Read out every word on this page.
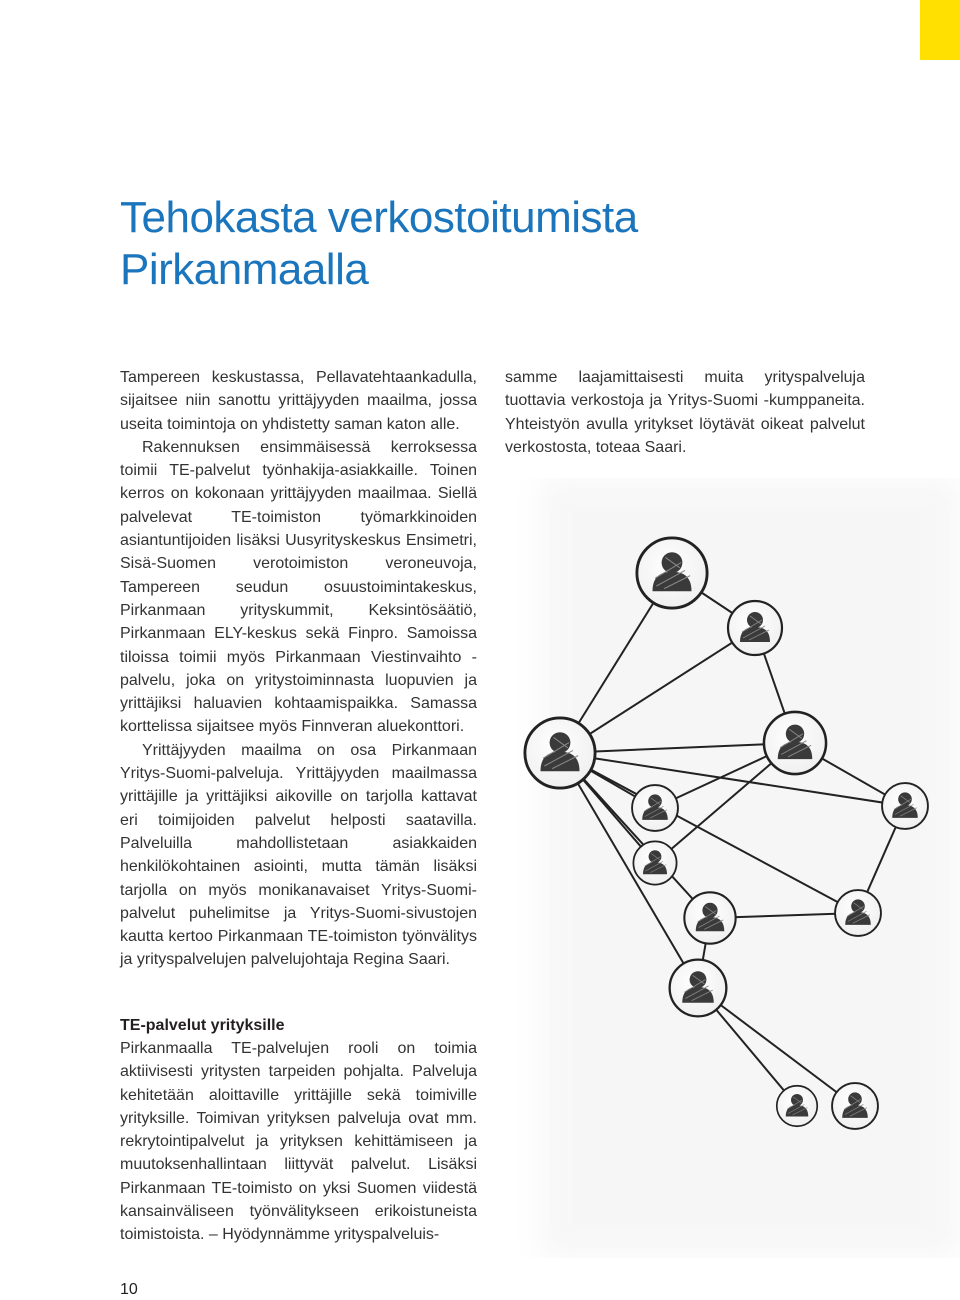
Tehokasta verkostoitumista
Pirkanmaalla

Tampereen keskustassa, Pellavatehtaankadulla, sijaitsee niin sanottu yrittäjyyden maailma, jossa useita toimintoja on yhdistetty saman katon alle.

Rakennuksen ensimmäisessä kerroksessa toimii TE-palvelut työnhakija-asiakkaille. Toinen kerros on kokonaan yrittäjyyden maailmaa. Siellä palvelevat TE-toimiston työmarkkinoiden asiantuntijoiden lisäksi Uusyrityskeskus Ensimetri, Sisä-Suomen verotoimiston veroneuvoja, Tampereen seudun osuustoimintakeskus, Pirkanmaan yrityskummit, Keksintösäätiö, Pirkanmaan ELY-keskus sekä Finpro. Samoissa tiloissa toimii myös Pirkanmaan Viestinvaihto -palvelu, joka on yritystoiminnasta luopuvien ja yrittäjiksi haluavien kohtaamispaikka. Samassa korttelissa sijaitsee myös Finnveran aluekonttori.

Yrittäjyyden maailma on osa Pirkanmaan Yritys-Suomi-palveluja. Yrittäjyyden maailmassa yrittäjille ja yrittäjiksi aikoville on tarjolla kattavat eri toimijoiden palvelut helposti saatavilla. Palveluilla mahdollistetaan asiakkaiden henkilökohtainen asiointi, mutta tämän lisäksi tarjolla on myös monikanavaiset Yritys-Suomi-palvelut puhelimitse ja Yritys-Suomi-sivustojen kautta kertoo Pirkanmaan TE-toimiston työnvälitys ja yrityspalvelujen palvelujohtaja Regina Saari.

TE-palvelut yrityksille

Pirkanmaalla TE-palvelujen rooli on toimia aktiivisesti yritysten tarpeiden pohjalta. Palveluja kehitetään aloittaville yrittäjille sekä toimiville yrityksille. Toimivan yrityksen palveluja ovat mm. rekrytointipalvelut ja yrityksen kehittämiseen ja muutoksenhallintaan liittyvät palvelut. Lisäksi Pirkanmaan TE-toimisto on yksi Suomen viidestä kansainväliseen työnvälitykseen erikoistuneista toimistoista. – Hyödynnämme yrityspalveluis-

samme laajamittaisesti muita yrityspalveluja tuottavia verkostoja ja Yritys-Suomi -kumppaneita. Yhteistyön avulla yritykset löytävät oikeat palvelut verkostosta, toteaa Saari.

10
